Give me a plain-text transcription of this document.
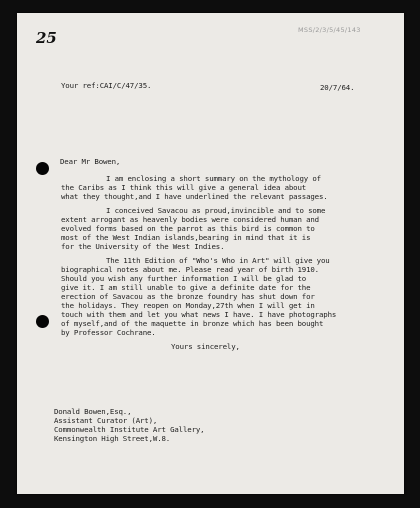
25	MSS/2/3/5/45/143
Your ref:CAI/C/47/35.	20/7/64.
Dear Mr Bowen,
I am enclosing a short summary on the mythology of
the Caribs as I think this will give a general idea about
what they thought,and I have underlined the relevant passages.
I conceived Savacou as proud,invincible and to some
extent arrogant as heavenly bodies were considered human and
evolved forms based on the parrot as this bird is common to
most of the West Indian islands,bearing in mind that it is
for the University of the West Indies.
The 11th Edition of "Who's Who in Art" will give you
biographical notes about me. Please read year of birth 1910.
Should you wish any further information I will be glad to
give it. I am still unable to give a definite date for the
erection of Savacou as the bronze foundry has shut down for
the holidays. They reopen on Monday,27th when I will get in
touch with them and let you what news I have. I have photographs
of myself,and of the maquette in bronze which has been bought
by Professor Cochrane.
Yours sincerely,
Donald Bowen,Esq.,
Assistant Curator (Art),
Commonwealth Institute Art Gallery,
Kensington High Street,W.8.
